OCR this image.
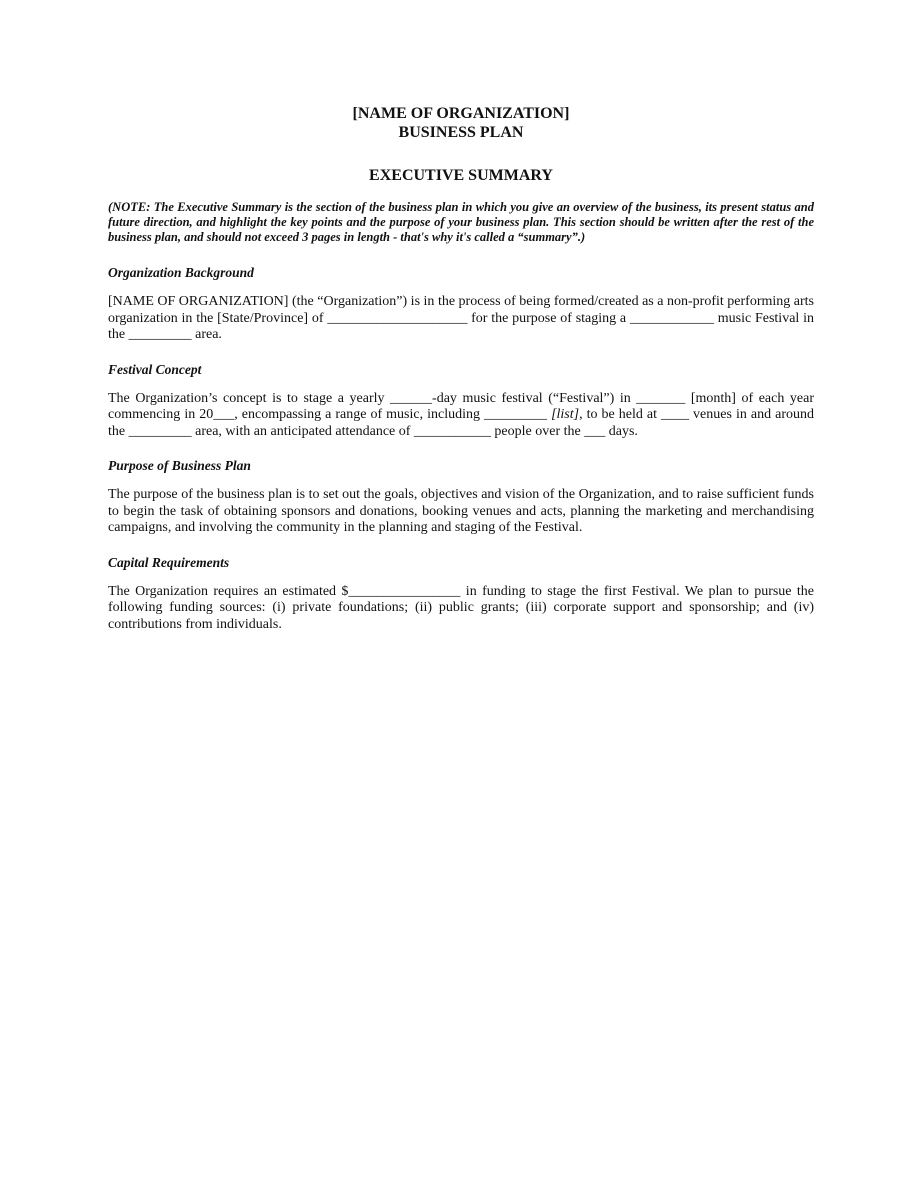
[NAME OF ORGANIZATION]

BUSINESS PLAN

EXECUTIVE SUMMARY

(NOTE: The Executive Summary is the section of the business plan in which you give an overview of the business, its present status and future direction, and highlight the key points and the purpose of your business plan. This section should be written after the rest of the business plan, and should not exceed 3 pages in length - that's why it's called a “summary”.)

Organization Background

[NAME OF ORGANIZATION] (the “Organization”) is in the process of being formed/created as a non-profit performing arts organization in the [State/Province] of ____________________ for the purpose of staging a ____________ music Festival in the _________ area.

Festival Concept

The Organization’s concept is to stage a yearly ______-day music festival (“Festival”) in _______ [month] of each year commencing in 20___, encompassing a range of music, including _________ [list], to be held at ____ venues in and around the _________ area, with an anticipated attendance of ___________ people over the ___ days.

Purpose of Business Plan

The purpose of the business plan is to set out the goals, objectives and vision of the Organization, and to raise sufficient funds to begin the task of obtaining sponsors and donations, booking venues and acts, planning the marketing and merchandising campaigns, and involving the community in the planning and staging of the Festival.

Capital Requirements

The Organization requires an estimated $________________ in funding to stage the first Festival. We plan to pursue the following funding sources: (i) private foundations; (ii) public grants; (iii) corporate support and sponsorship; and (iv) contributions from individuals.
